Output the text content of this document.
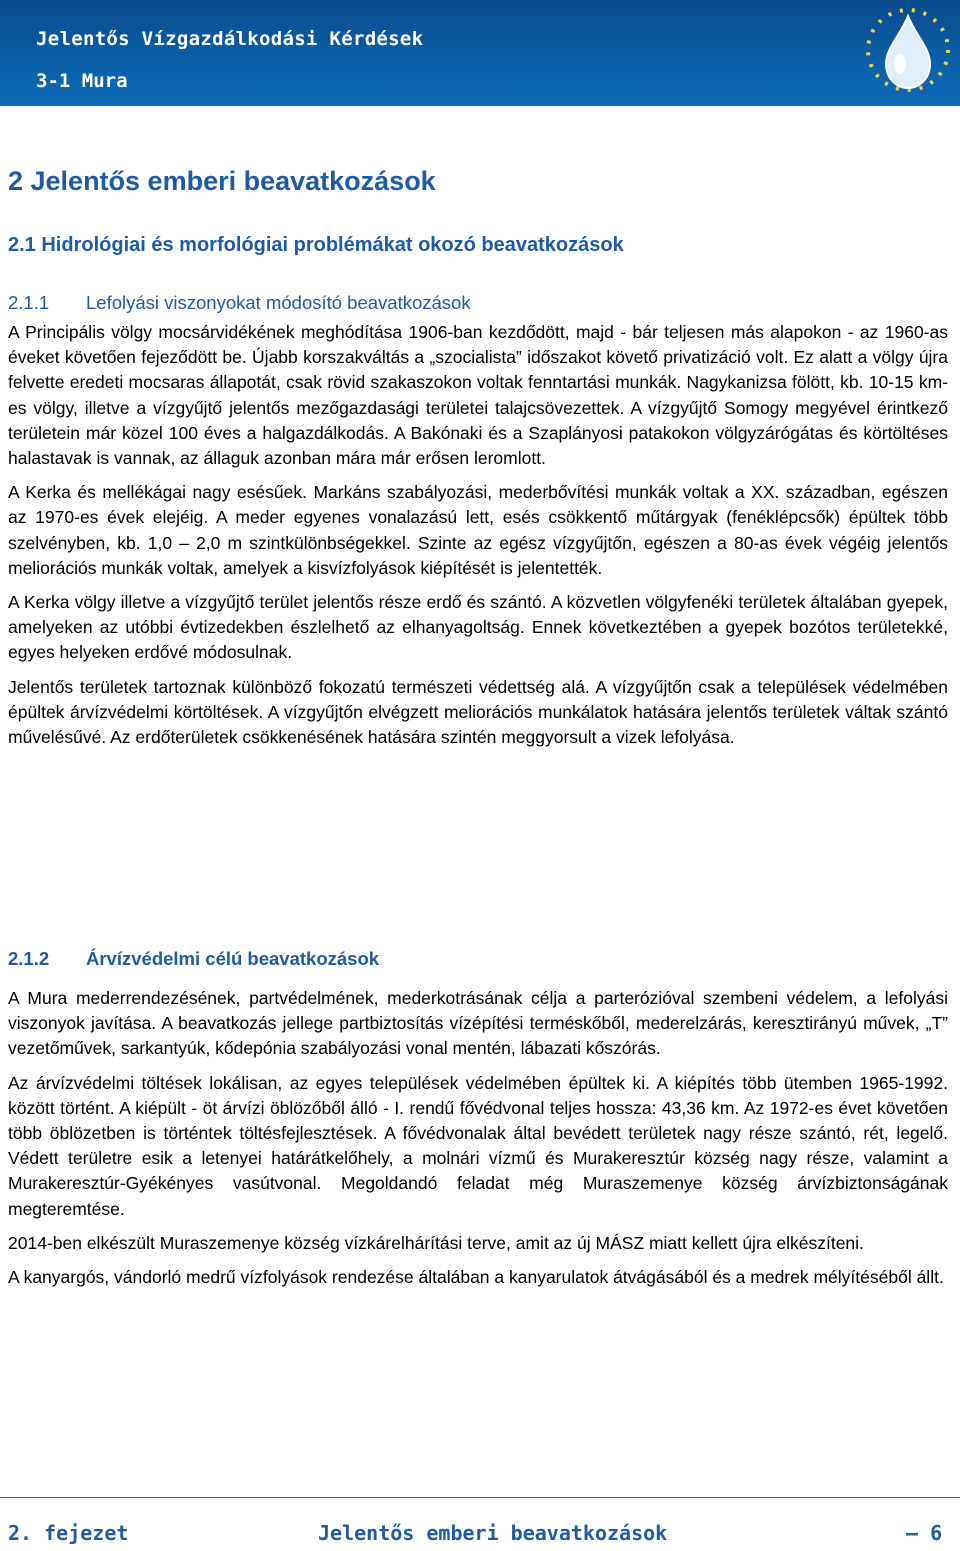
Jelentős Vízgazdálkodási Kérdések
3-1 Mura
2 Jelentős emberi beavatkozások
2.1 Hidrológiai és morfológiai problémákat okozó beavatkozások
2.1.1 Lefolyási viszonyokat módosító beavatkozások

A Principális völgy mocsárvidékének meghódítása 1906-ban kezdődött, majd - bár teljesen más alapokon - az 1960-as éveket követően fejeződött be. Újabb korszakváltás a „szocialista” időszakot követő privatizáció volt. Ez alatt a völgy újra felvette eredeti mocsaras állapotát, csak rövid szakaszokon voltak fenntartási munkák. Nagykanizsa fölött, kb. 10-15 km-es völgy, illetve a vízgyűjtő jelentős mezőgazdasági területei talajcsövezettek. A vízgyűjtő Somogy megyével érintkező területein már közel 100 éves a halgazdálkodás. A Bakónaki és a Szaplányosi patakokon völgyzárógátas és körtöltéses halastavak is vannak, az állaguk azonban mára már erősen leromlott.

A Kerka és mellékágai nagy esésűek. Markáns szabályozási, mederbővítési munkák voltak a XX. században, egészen az 1970-es évek elejéig. A meder egyenes vonalazású lett, esés csökkentő műtárgyak (fenéklépcsők) épültek több szelvényben, kb. 1,0 – 2,0 m szintkülönbségekkel. Szinte az egész vízgyűjtőn, egészen a 80-as évek végéig jelentős meliorációs munkák voltak, amelyek a kisvízfolyások kiépítését is jelentették.

A Kerka völgy illetve a vízgyűjtő terület jelentős része erdő és szántó. A közvetlen völgyfenéki területek általában gyepek, amelyeken az utóbbi évtizedekben észlelhető az elhanyagoltság. Ennek következtében a gyepek bozótos területekké, egyes helyeken erdővé módosulnak.

Jelentős területek tartoznak különböző fokozatú természeti védettség alá. A vízgyűjtőn csak a települések védelmében épültek árvízvédelmi körtöltések. A vízgyűjtőn elvégzett meliorációs munkálatok hatására jelentős területek váltak szántó művelésűvé. Az erdőterületek csökkenésének hatására szintén meggyorsult a vizek lefolyása.

2.1.2 Árvízvédelmi célú beavatkozások

A Mura mederrendezésének, partvédelmének, mederkotrásának célja a parterózióval szembeni védelem, a lefolyási viszonyok javítása. A beavatkozás jellege partbiztosítás vízépítési terméskőből, mederelzárás, keresztirányú művek, „T” vezetőművek, sarkantyúk, kődepónia szabályozási vonal mentén, lábazati kőszórás.

Az árvízvédelmi töltések lokálisan, az egyes települések védelmében épültek ki. A kiépítés több ütemben 1965-1992. között történt. A kiépült - öt árvízi öblözőből álló - I. rendű fővédvonal teljes hossza: 43,36 km. Az 1972-es évet követően több öblözetben is történtek töltésfejlesztések. A fővédvonalak által bevédett területek nagy része szántó, rét, legelő. Védett területre esik a letenyei határátkelőhely, a molnári vízmű és Murakeresztúr község nagy része, valamint a Murakeresztúr-Gyékényes vasútvonal. Megoldandó feladat még Muraszemenye község árvízbiztonságának megteremtése.

2014-ben elkészült Muraszemenye község vízkárelhárítási terve, amit az új MÁSZ miatt kellett újra elkészíteni.

A kanyargós, vándorló medrű vízfolyások rendezése általában a kanyarulatok átvágásából és a medrek mélyítéséből állt.

2. fejezet	Jelentős emberi beavatkozások	– 6
